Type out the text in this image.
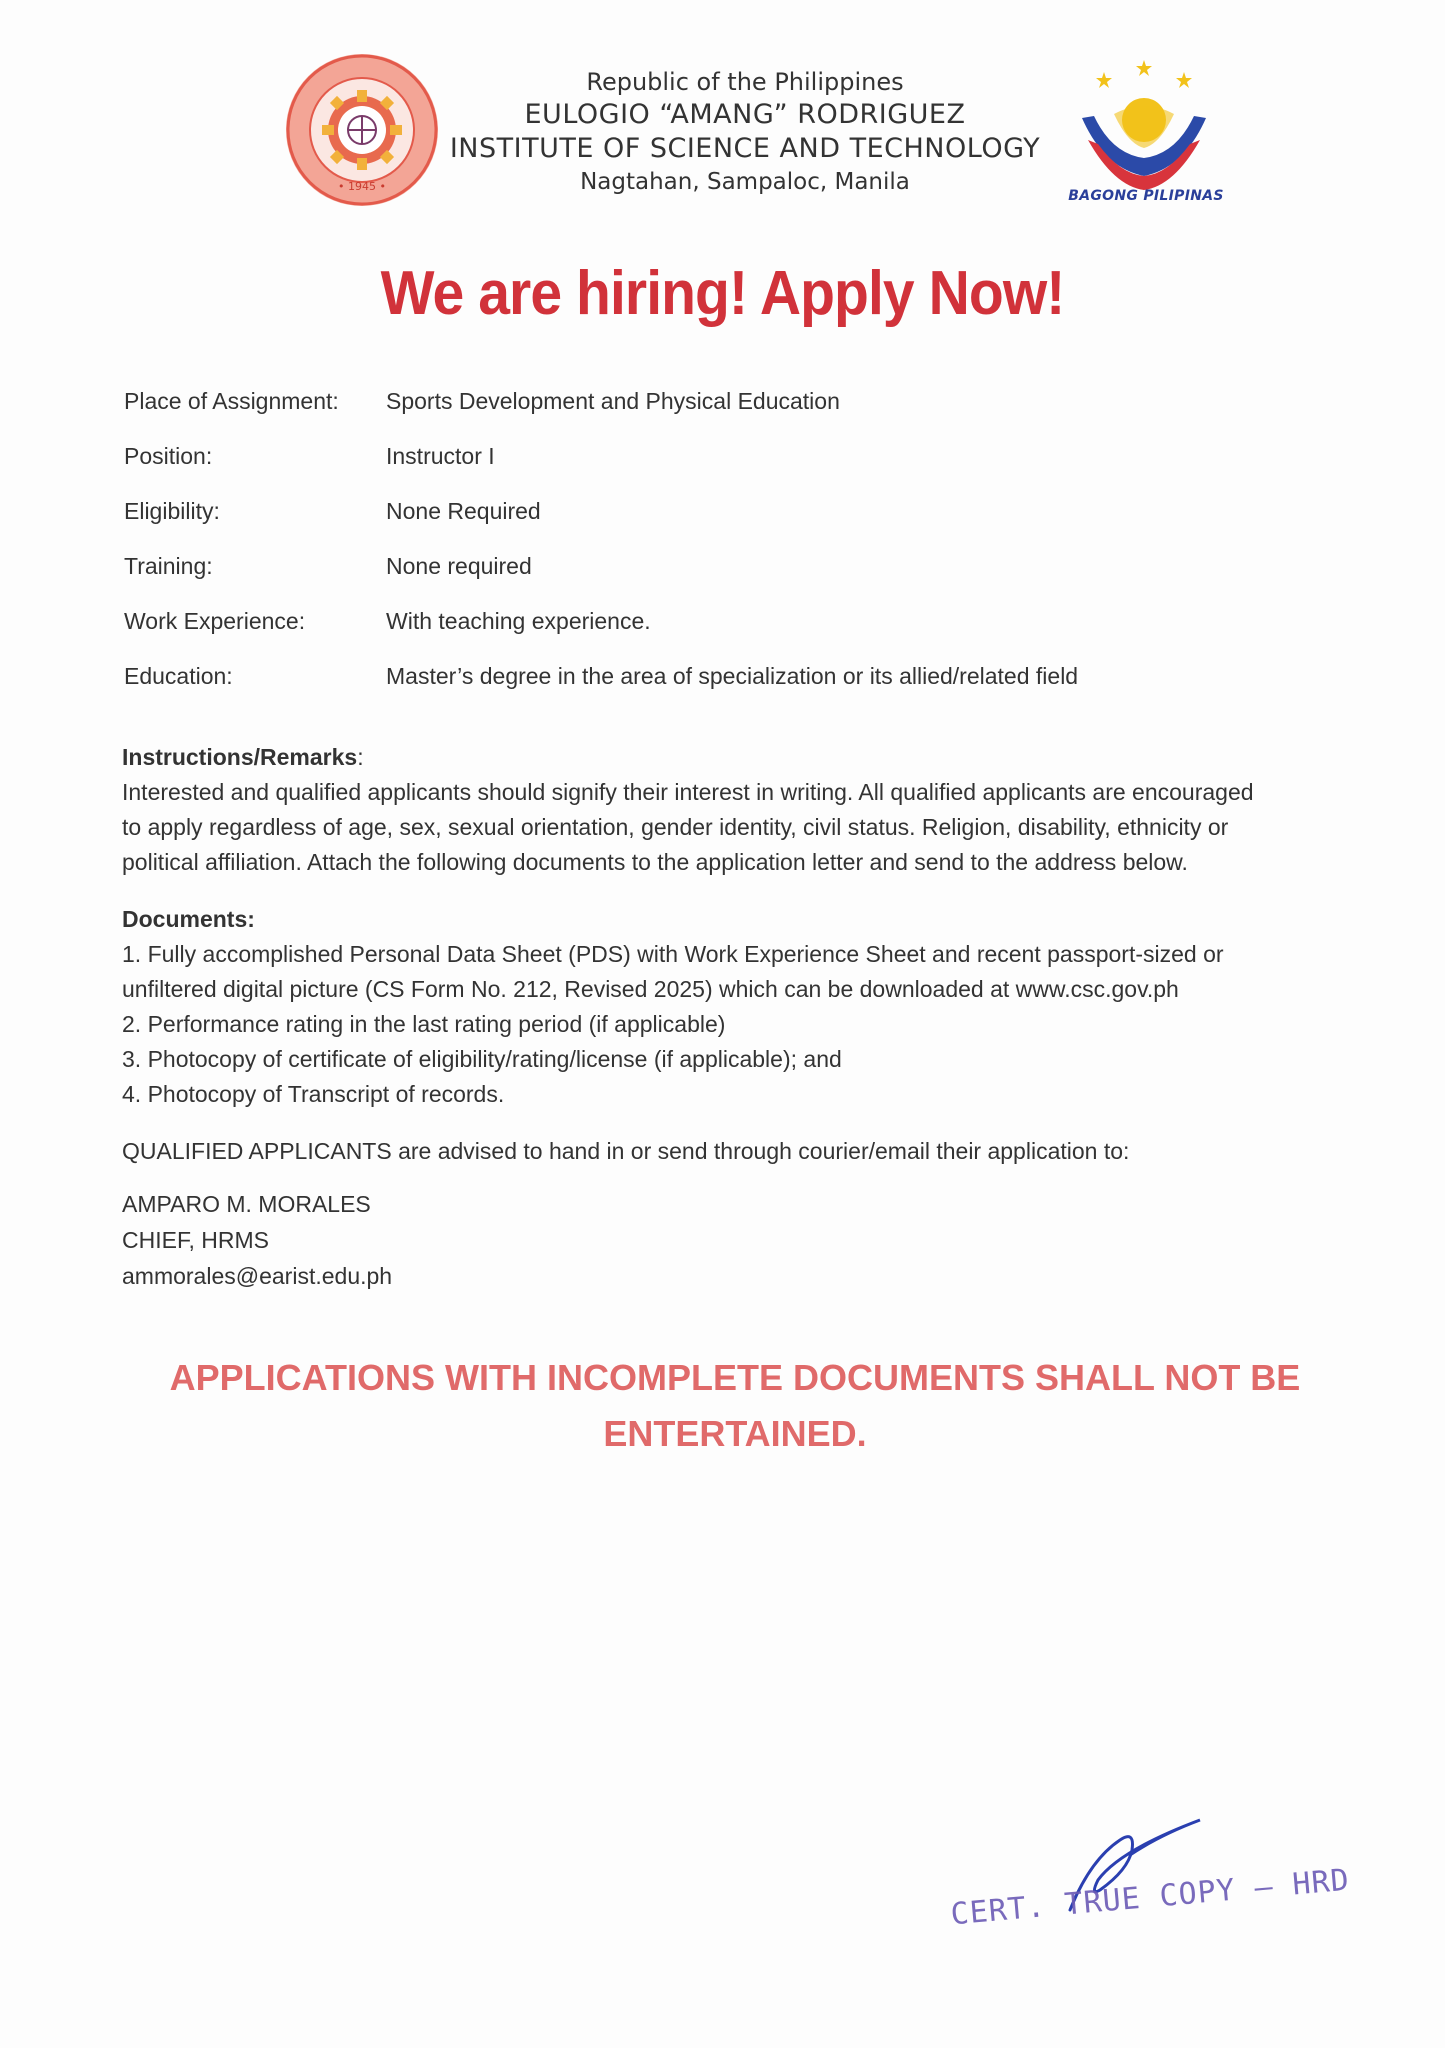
• 1945 •
Republic of the Philippines
EULOGIO “AMANG” RODRIGUEZ
INSTITUTE OF SCIENCE AND TECHNOLOGY
Nagtahan, Sampaloc, Manila
BAGONG PILIPINAS
We are hiring! Apply Now!
Place of Assignment:	Sports Development and Physical Education
Position:	Instructor I
Eligibility:	None Required
Training:	None required
Work Experience:	With teaching experience.
Education:	Master’s degree in the area of specialization or its allied/related field
Instructions/Remarks:
Interested and qualified applicants should signify their interest in writing. All qualified applicants are encouraged
to apply regardless of age, sex, sexual orientation, gender identity, civil status. Religion, disability, ethnicity or
political affiliation. Attach the following documents to the application letter and send to the address below.
Documents:
1. Fully accomplished Personal Data Sheet (PDS) with Work Experience Sheet and recent passport-sized or
unfiltered digital picture (CS Form No. 212, Revised 2025) which can be downloaded at www.csc.gov.ph
2. Performance rating in the last rating period (if applicable)
3. Photocopy of certificate of eligibility/rating/license (if applicable); and
4. Photocopy of Transcript of records.
QUALIFIED APPLICANTS are advised to hand in or send through courier/email their application to:
AMPARO M. MORALES
CHIEF, HRMS
ammorales@earist.edu.ph
APPLICATIONS WITH INCOMPLETE DOCUMENTS SHALL NOT BE
ENTERTAINED.
CERT. TRUE COPY – HRD
